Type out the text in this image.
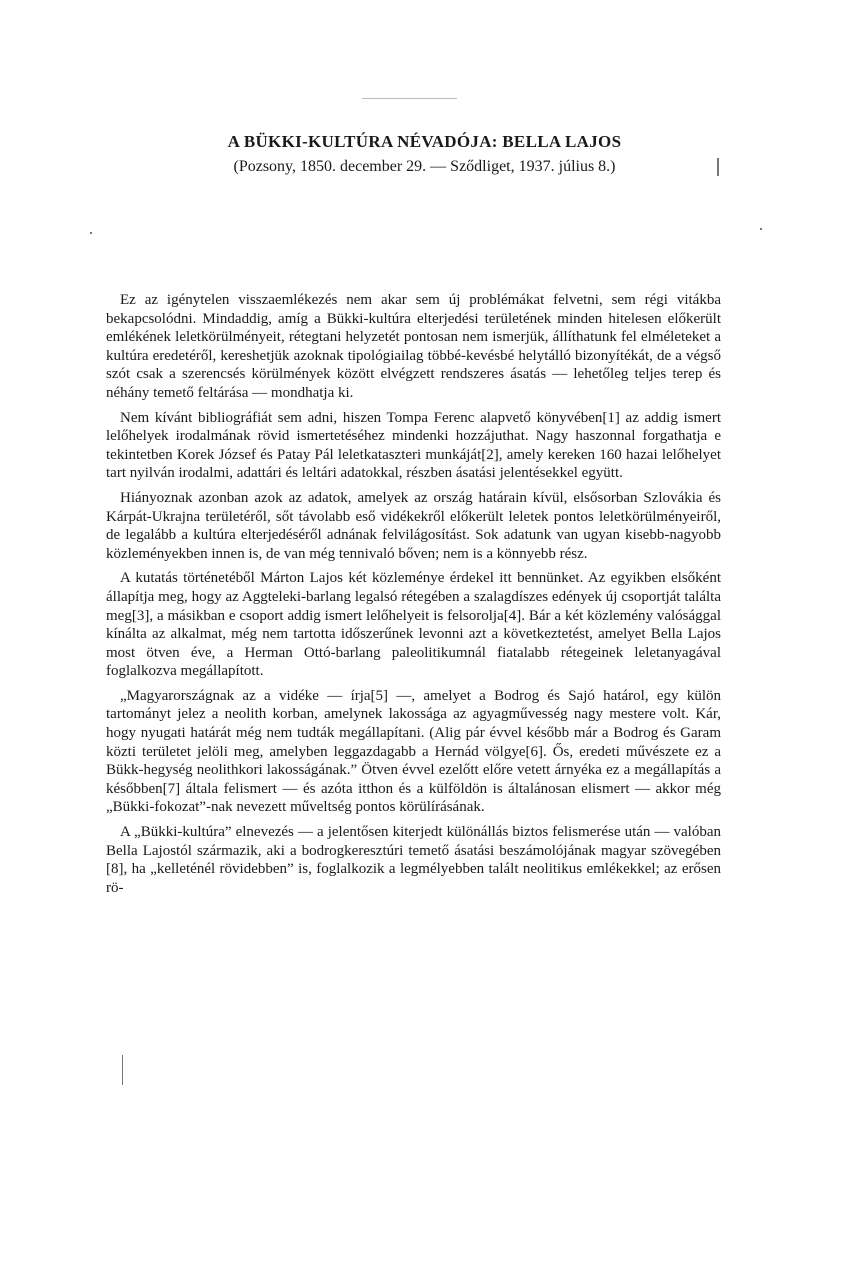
A BÜKKI-KULTÚRA NÉVADÓJA: BELLA LAJOS
(Pozsony, 1850. december 29. — Sződliget, 1937. július 8.)

Ez az igénytelen visszaemlékezés nem akar sem új problémákat felvetni, sem régi vitákba bekapcsolódni. Mindaddig, amíg a Bükki-kultúra elterjedési területének minden hitelesen előkerült emlékének leletkörülményeit, rétegtani helyzetét pontosan nem ismerjük, állíthatunk fel elméleteket a kultúra eredetéről, kereshetjük azoknak tipológiailag többé-kevésbé helytálló bizonyítékát, de a végső szót csak a szerencsés körülmények között elvégzett rendszeres ásatás — lehetőleg teljes terep és néhány temető feltárása — mondhatja ki.

Nem kívánt bibliográfiát sem adni, hiszen Tompa Ferenc alapvető könyvében[1] az addig ismert lelőhelyek irodalmának rövid ismertetéséhez mindenki hozzájuthat. Nagy haszonnal forgathatja e tekintetben Korek József és Patay Pál leletkataszteri munkáját[2], amely kereken 160 hazai lelőhelyet tart nyilván irodalmi, adattári és leltári adatokkal, részben ásatási jelentésekkel együtt.

Hiányoznak azonban azok az adatok, amelyek az ország határain kívül, elsősorban Szlovákia és Kárpát-Ukrajna területéről, sőt távolabb eső vidékekről előkerült leletek pontos leletkörülményeiről, de legalább a kultúra elterjedéséről adnának felvilágosítást. Sok adatunk van ugyan kisebb-nagyobb közleményekben innen is, de van még tennivaló bőven; nem is a könnyebb rész.

A kutatás történetéből Márton Lajos két közleménye érdekel itt bennünket. Az egyikben elsőként állapítja meg, hogy az Aggteleki-barlang legalsó rétegében a szalagdíszes edények új csoportját találta meg[3], a másikban e csoport addig ismert lelőhelyeit is felsorolja[4]. Bár a két közlemény valósággal kínálta az alkalmat, még nem tartotta időszerűnek levonni azt a következtetést, amelyet Bella Lajos most ötven éve, a Herman Ottó-barlang paleolitikumnál fiatalabb rétegeinek leletanyagával foglalkozva megállapított.

„Magyarországnak az a vidéke — írja[5] —, amelyet a Bodrog és Sajó határol, egy külön tartományt jelez a neolith korban, amelynek lakossága az agyagművesség nagy mestere volt. Kár, hogy nyugati határát még nem tudták megállapítani. (Alig pár évvel később már a Bodrog és Garam közti területet jelöli meg, amelyben leggazdagabb a Hernád völgye[6]. Ős, eredeti művészete ez a Bükk-hegység neolithkori lakosságának.” Ötven évvel ezelőtt előre vetett árnyéka ez a megállapítás a későbben[7] általa felismert — és azóta itthon és a külföldön is általánosan elismert — akkor még „Bükki-fokozat”-nak nevezett műveltség pontos körülírásának.

A „Bükki-kultúra” elnevezés — a jelentősen kiterjedt különállás biztos felismerése után — valóban Bella Lajostól származik, aki a bodrogkeresztúri temető ásatási beszámolójának magyar szövegében [8], ha „kelleténél rövidebben” is, foglalkozik a legmélyebben talált neolitikus emlékekkel; az erősen rö-
